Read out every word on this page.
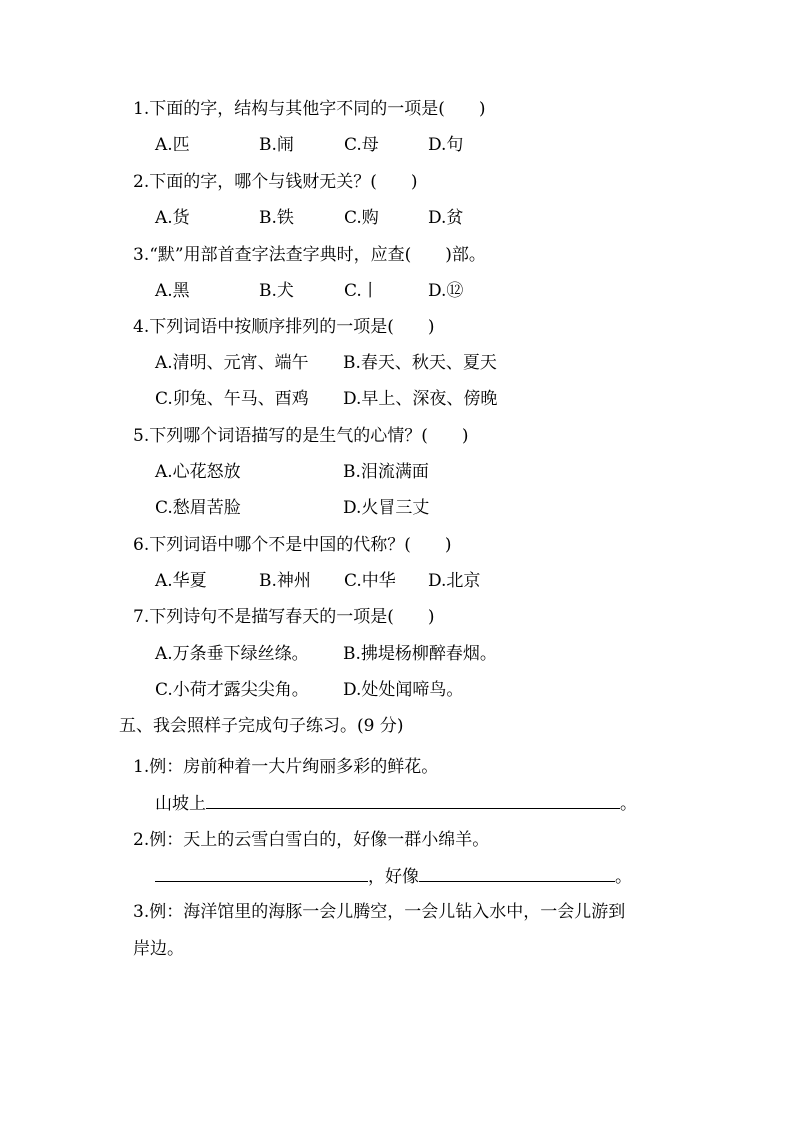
1.下面的字，结构与其他字不同的一项是(　　)
A.匹	B.闹	C.母	D.句
2.下面的字，哪个与钱财无关？(　　)
A.货	B.铁	C.购	D.贫
3.“默”用部首查字法查字典时，应查(　　)部。
A.黑	B.犬	C.丨	D.⑫
4.下列词语中按顺序排列的一项是(　　)
A.清明、元宵、端午 B.春天、秋天、夏天
C.卯兔、午马、酉鸡 D.早上、深夜、傍晚
5.下列哪个词语描写的是生气的心情？(　　)
A.心花怒放	B.泪流满面
C.愁眉苦脸	D.火冒三丈
6.下列词语中哪个不是中国的代称？(　　)
A.华夏	B.神州 C.中华 D.北京
7.下列诗句不是描写春天的一项是(　　)
A.万条垂下绿丝绦。 B.拂堤杨柳醉春烟。
C.小荷才露尖尖角。 D.处处闻啼鸟。
五、我会照样子完成句子练习。(9 分)
1.例：房前种着一大片绚丽多彩的鲜花。
山坡上	。
2.例：天上的云雪白雪白的，好像一群小绵羊。
，好像	。
3.例：海洋馆里的海豚一会儿腾空，一会儿钻入水中，一会儿游到
岸边。
